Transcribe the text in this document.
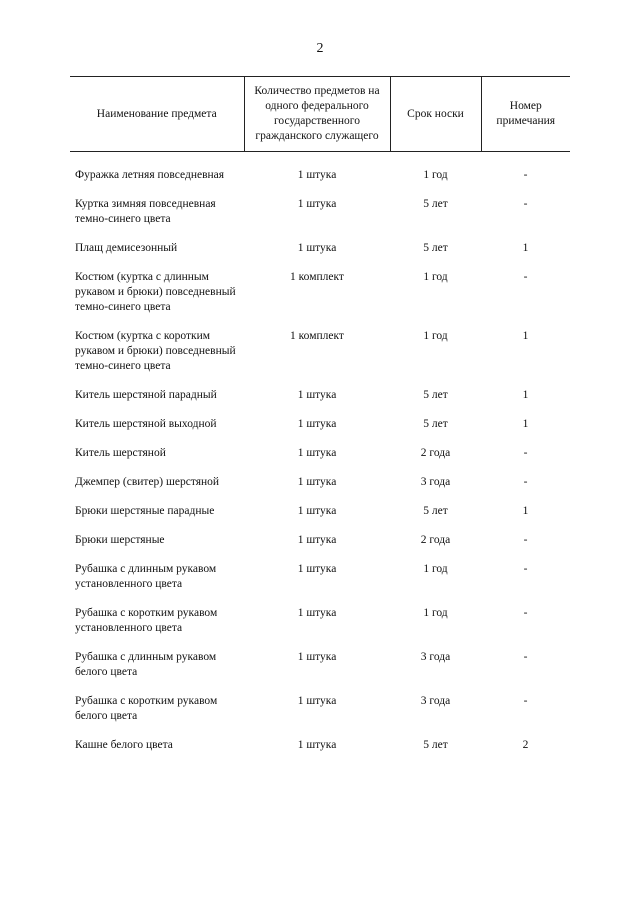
2
Наименование предмета	Количество предметов на одного федерального государственного гражданского служащего	Срок носки	Номер примечания

Фуражка летняя повседневная	1 штука	1 год	-
Куртка зимняя повседневная темно-синего цвета	1 штука	5 лет	-
Плащ демисезонный	1 штука	5 лет	1
Костюм (куртка с длинным рукавом и брюки) повседневный темно-синего цвета	1 комплект	1 год	-
Костюм (куртка с коротким рукавом и брюки) повседневный темно-синего цвета	1 комплект	1 год	1
Китель шерстяной парадный	1 штука	5 лет	1
Китель шерстяной выходной	1 штука	5 лет	1
Китель шерстяной	1 штука	2 года	-
Джемпер (свитер) шерстяной	1 штука	3 года	-
Брюки шерстяные парадные	1 штука	5 лет	1
Брюки шерстяные	1 штука	2 года	-
Рубашка с длинным рукавом установленного цвета	1 штука	1 год	-
Рубашка с коротким рукавом установленного цвета	1 штука	1 год	-
Рубашка с длинным рукавом белого цвета	1 штука	3 года	-
Рубашка с коротким рукавом белого цвета	1 штука	3 года	-
Кашне белого цвета	1 штука	5 лет	2
